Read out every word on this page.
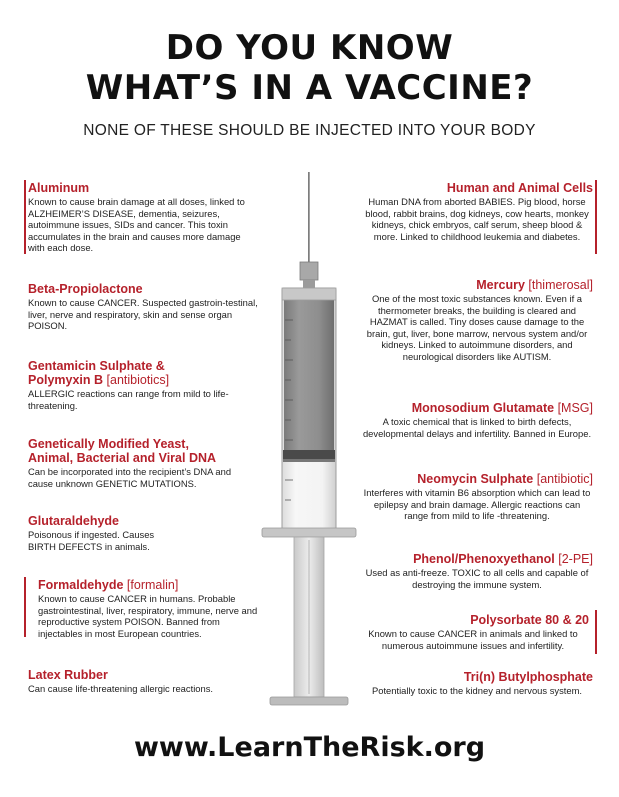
DO YOU KNOW
WHAT’S IN A VACCINE?

NONE OF THESE SHOULD BE INJECTED INTO YOUR BODY

Aluminum
Known to cause brain damage at all doses, linked to ALZHEIMER’S DISEASE, dementia, seizures, autoimmune issues, SIDs and cancer. This toxin accumulates in the brain and causes more damage with each dose.
Beta-Propiolactone
Known to cause CANCER. Suspected gastroin-testinal, liver, nerve and respiratory, skin and sense organ POISON.
Gentamicin Sulphate &
Polymyxin B [antibiotics]
ALLERGIC reactions can range from mild to life-threatening.
Genetically Modified Yeast,
Animal, Bacterial and Viral DNA
Can be incorporated into the recipient’s DNA and cause unknown GENETIC MUTATIONS.
Glutaraldehyde
Poisonous if ingested. Causes BIRTH DEFECTS in animals.
Formaldehyde [formalin]
Known to cause CANCER in humans. Probable gastrointestinal, liver, respiratory, immune, nerve and reproductive system POISON. Banned from injectables in most European countries.
Latex Rubber
Can cause life-threatening allergic reactions.
Human and Animal Cells
Human DNA from aborted BABIES. Pig blood, horse blood, rabbit brains, dog kidneys, cow hearts, monkey kidneys, chick embryos, calf serum, sheep blood & more. Linked to childhood leukemia and diabetes.
Mercury [thimerosal]
One of the most toxic substances known. Even if a thermometer breaks, the building is cleared and HAZMAT is called. Tiny doses cause damage to the brain, gut, liver, bone marrow, nervous system and/or kidneys. Linked to autoimmune disorders, and neurological disorders like AUTISM.
Monosodium Glutamate [MSG]
A toxic chemical that is linked to birth defects, developmental delays and infertility. Banned in Europe.
Neomycin Sulphate [antibiotic]
Interferes with vitamin B6 absorption which can lead to epilepsy and brain damage. Allergic reactions can range from mild to life -threatening.
Phenol/Phenoxyethanol [2-PE]
Used as anti-freeze. TOXIC to all cells and capable of destroying the immune system.
Polysorbate 80 & 20
Known to cause CANCER in animals and linked to numerous autoimmune issues and infertility.
Tri(n) Butylphosphate
Potentially toxic to the kidney and nervous system.

www.LearnTheRisk.org
